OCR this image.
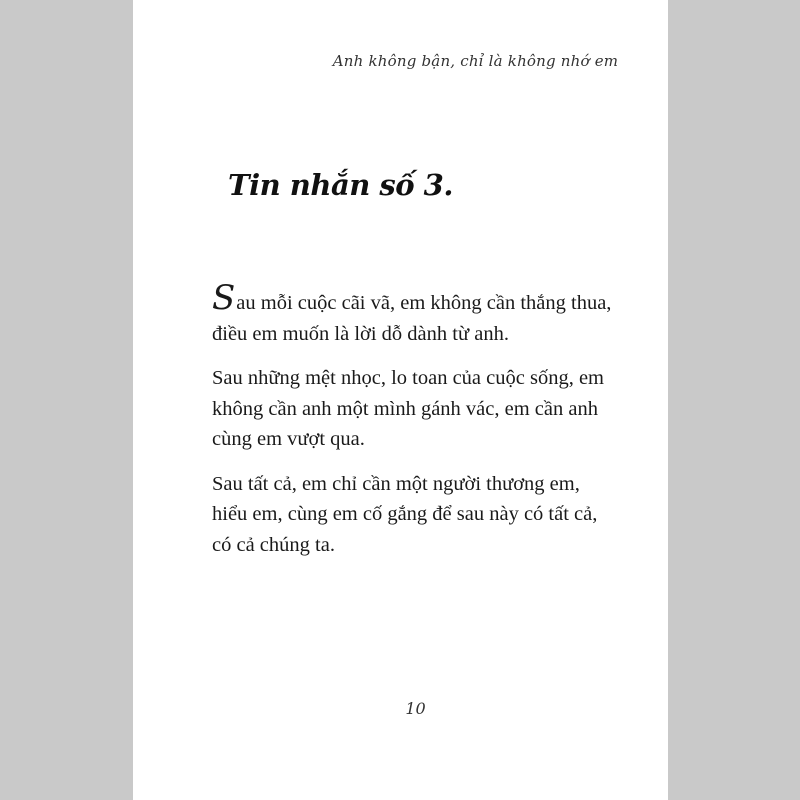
Anh không bận, chỉ là không nhớ em
Tin nhắn số 3.

Sau mỗi cuộc cãi vã, em không cần thắng thua, điều em muốn là lời dỗ dành từ anh.

Sau những mệt nhọc, lo toan của cuộc sống, em không cần anh một mình gánh vác, em cần anh cùng em vượt qua.

Sau tất cả, em chỉ cần một người thương em, hiểu em, cùng em cố gắng để sau này có tất cả, có cả chúng ta.

10
